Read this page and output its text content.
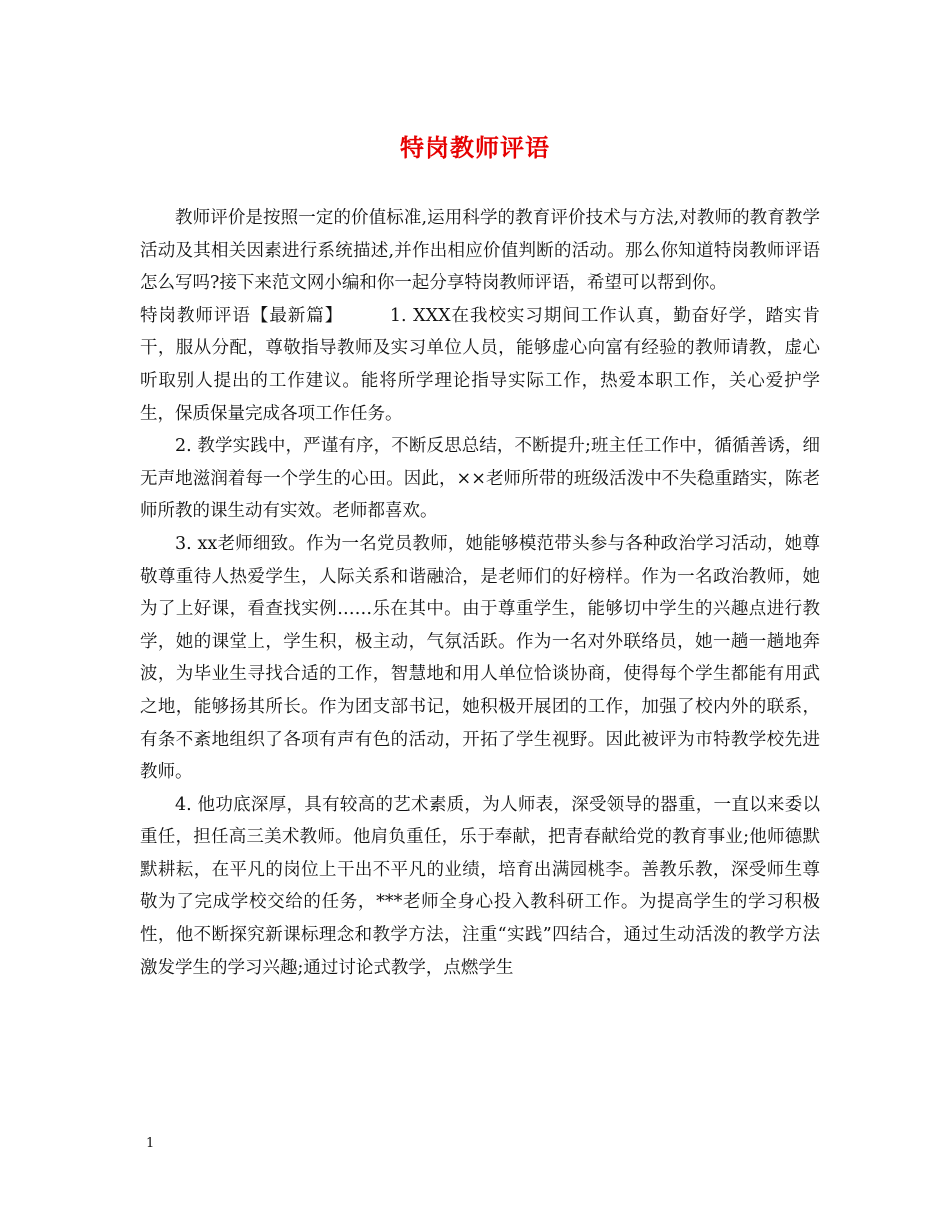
特岗教师评语

教师评价是按照一定的价值标准,运用科学的教育评价技术与方法,对教师的教育教学活动及其相关因素进行系统描述,并作出相应价值判断的活动。那么你知道特岗教师评语怎么写吗?接下来范文网小编和你一起分享特岗教师评语，希望可以帮到你。

特岗教师评语【最新篇】　　　	1. XXX在我校实习期间工作认真，勤奋好学，踏实肯干，服从分配，尊敬指导教师及实习单位人员，能够虚心向富有经验的教师请教，虚心听取别人提出的工作建议。能将所学理论指导实际工作，热爱本职工作，关心爱护学生，保质保量完成各项工作任务。

2. 教学实践中，严谨有序，不断反思总结，不断提升;班主任工作中，循循善诱，细无声地滋润着每一个学生的心田。因此，××老师所带的班级活泼中不失稳重踏实，陈老师所教的课生动有实效。老师都喜欢。

3. xx老师细致。作为一名党员教师，她能够模范带头参与各种政治学习活动，她尊敬尊重待人热爱学生，人际关系和谐融洽，是老师们的好榜样。作为一名政治教师，她为了上好课，看查找实例……乐在其中。由于尊重学生，能够切中学生的兴趣点进行教学，她的课堂上，学生积，极主动，气氛活跃。作为一名对外联络员，她一趟一趟地奔波，为毕业生寻找合适的工作，智慧地和用人单位恰谈协商，使得每个学生都能有用武之地，能够扬其所长。作为团支部书记，她积极开展团的工作，加强了校内外的联系，有条不紊地组织了各项有声有色的活动，开拓了学生视野。因此被评为市特教学校先进教师。

4. 他功底深厚，具有较高的艺术素质，为人师表，深受领导的器重，一直以来委以重任，担任高三美术教师。他肩负重任，乐于奉献，把青春献给党的教育事业;他师德默默耕耘，在平凡的岗位上干出不平凡的业绩，培育出满园桃李。善教乐教，深受师生尊敬为了完成学校交给的任务，***老师全身心投入教科研工作。为提高学生的学习积极性，他不断探究新课标理念和教学方法，注重“实践”四结合，通过生动活泼的教学方法激发学生的学习兴趣;通过讨论式教学，点燃学生

1
